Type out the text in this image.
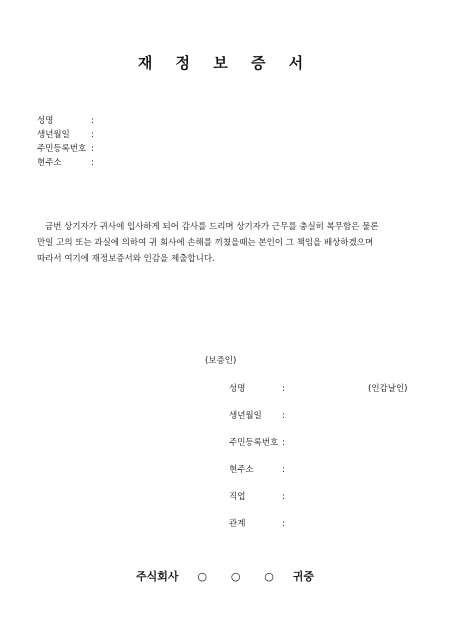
재 정 보 증 서
성명	:
생년월일 :
주민등록번호 :
현주소	:

금번 상기자가 귀사에 입사하게 되어 감사를 드리며 상기자가 근무를 충실히 복무함은 물론

만일 고의 또는 과실에 의하여 귀 회사에 손해를 끼쳤을때는 본인이 그 책임을 배상하겠으며

따라서 여기에 재정보증서와 인감을 제출합니다.

(보증인)
성명	:	(인감날인)
생년월일 :
주민등록번호 :
현주소	:
직업	:
관계	:
주식회사 ○ ○ ○ 귀중
